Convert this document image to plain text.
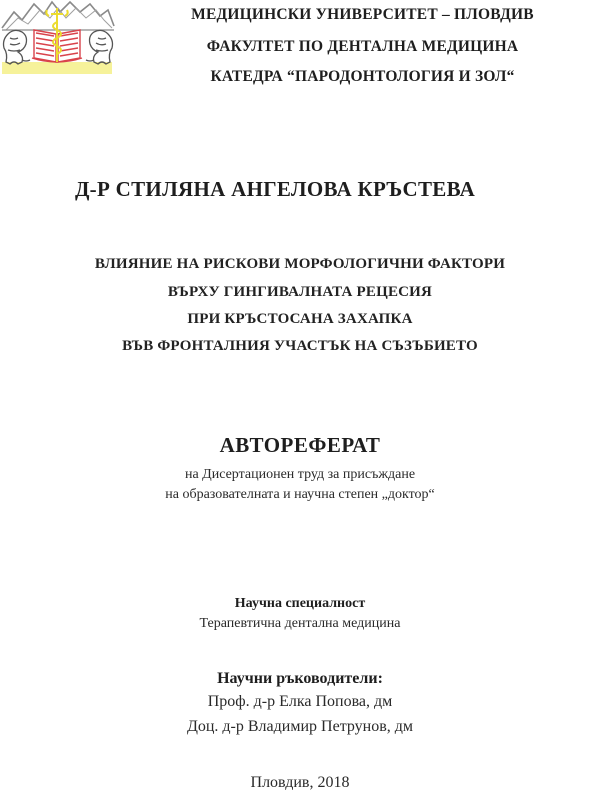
МЕДИЦИНСКИ УНИВЕРСИТЕТ – ПЛОВДИВ
ФАКУЛТЕТ ПО ДЕНТАЛНА МЕДИЦИНА
КАТЕДРА “ПАРОДОНТОЛОГИЯ И ЗОЛ“
Д-Р СТИЛЯНА АНГЕЛОВА КРЪСТЕВА
ВЛИЯНИЕ НА РИСКОВИ МОРФОЛОГИЧНИ ФАКТОРИ
ВЪРХУ ГИНГИВАЛНАТА РЕЦЕСИЯ
ПРИ КРЪСТОСАНА ЗАХАПКА
ВЪВ ФРОНТАЛНИЯ УЧАСТЪК НА СЪЗЪБИЕТО
АВТОРЕФЕРАТ
на Дисертационен труд за присъждане
на образователната и научна степен „доктор“
Научна специалност
Терапевтична дентална медицина
Научни ръководители:
Проф. д-р Елка Попова, дм
Доц. д-р Владимир Петрунов, дм
Пловдив, 2018
